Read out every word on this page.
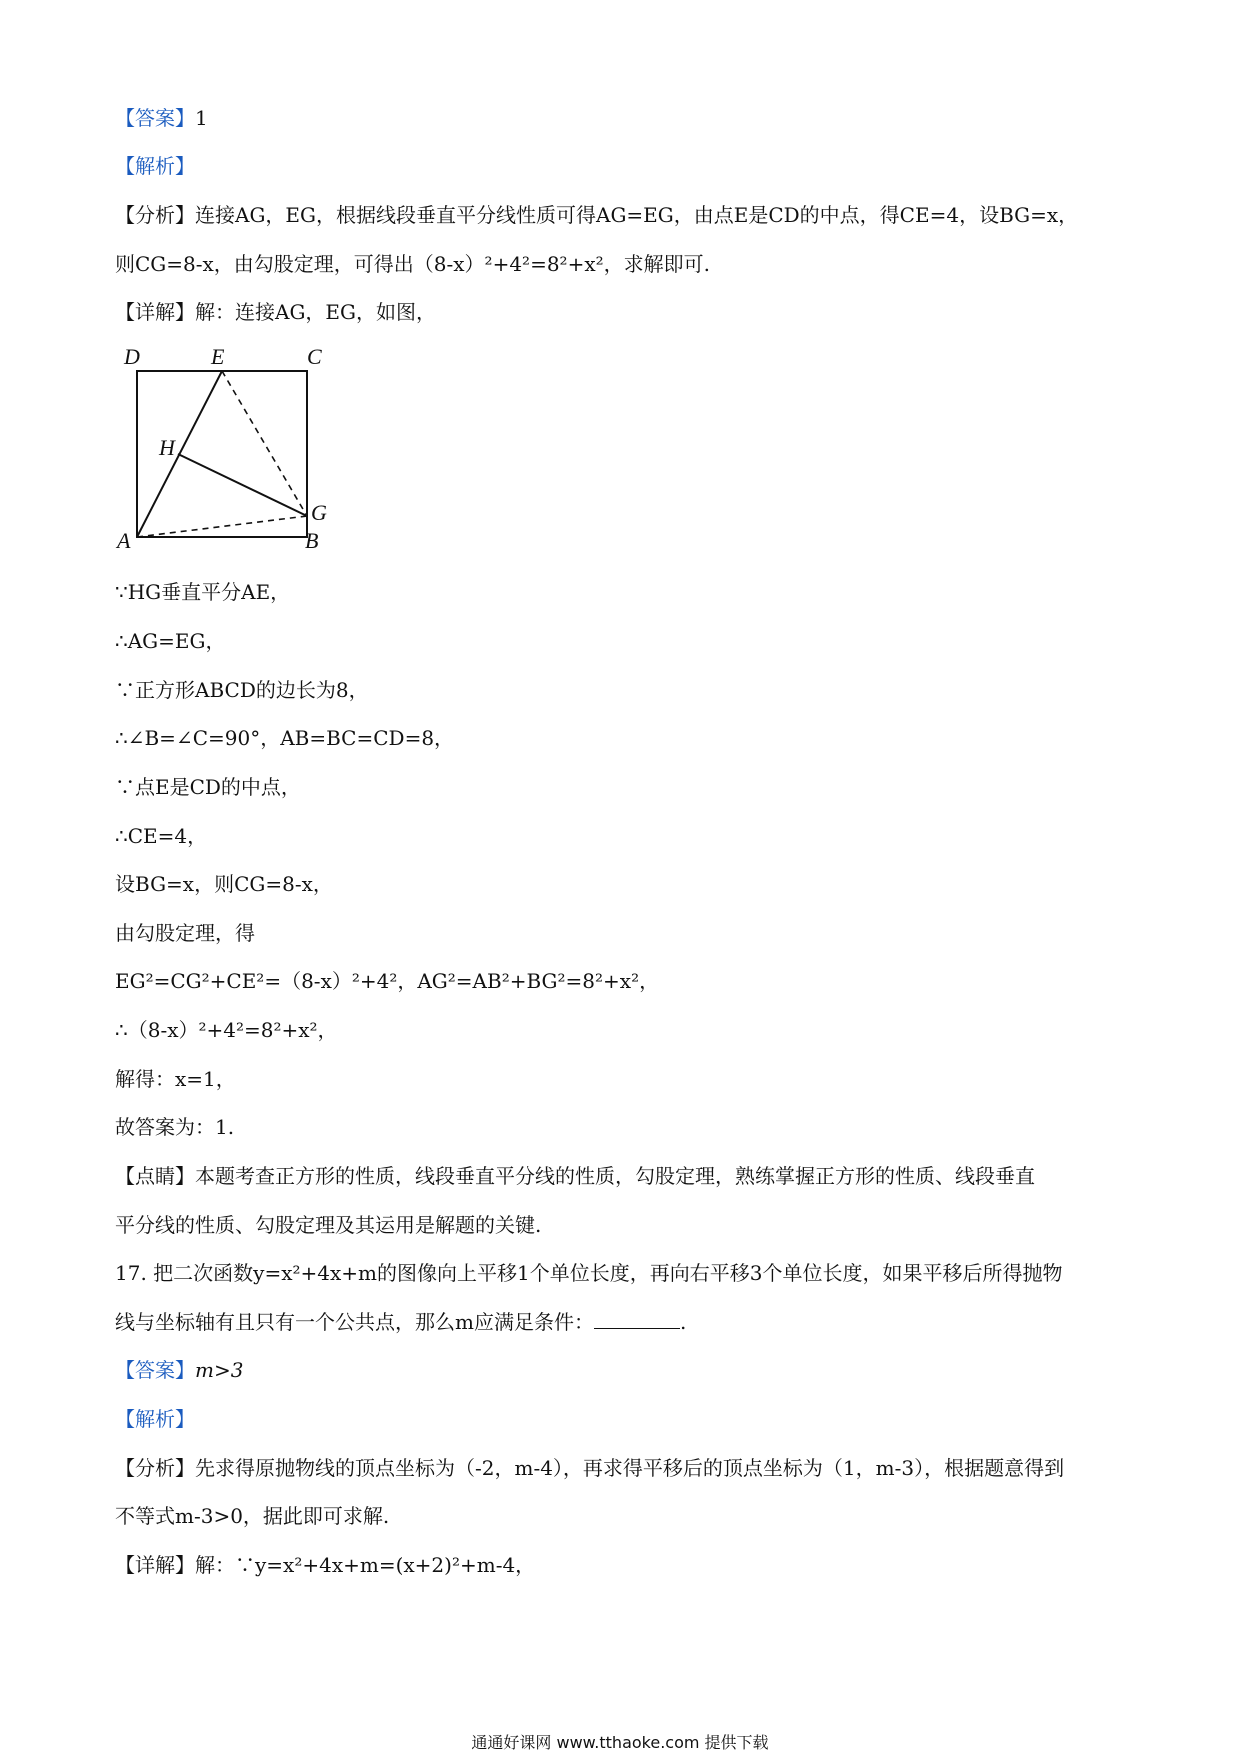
【答案】1
【解析】
【分析】连接AG，EG，根据线段垂直平分线性质可得AG=EG，由点E是CD的中点，得CE=4，设BG=x，
则CG=8-x，由勾股定理，可得出（8-x）²+4²=8²+x²，求解即可.
【详解】解：连接AG，EG，如图，
D	E	C
H
G
A	B
∵HG垂直平分AE，
∴AG=EG，
∵正方形ABCD的边长为8，
∴∠B=∠C=90°，AB=BC=CD=8，
∵点E是CD的中点，
∴CE=4，
设BG=x，则CG=8-x，
由勾股定理，得
EG²=CG²+CE²=（8-x）²+4²，AG²=AB²+BG²=8²+x²，
∴（8-x）²+4²=8²+x²，
解得：x=1，
故答案为：1.
【点睛】本题考查正方形的性质，线段垂直平分线的性质，勾股定理，熟练掌握正方形的性质、线段垂直
平分线的性质、勾股定理及其运用是解题的关键.
17. 把二次函数y=x²+4x+m的图像向上平移1个单位长度，再向右平移3个单位长度，如果平移后所得抛物
线与坐标轴有且只有一个公共点，那么m应满足条件：	.
【答案】m>3
【解析】
【分析】先求得原抛物线的顶点坐标为（-2，m-4），再求得平移后的顶点坐标为（1，m-3），根据题意得到
不等式m-3>0，据此即可求解.
【详解】解：∵y=x²+4x+m=(x+2)²+m-4，
通通好课网 www.tthaoke.com 提供下载
